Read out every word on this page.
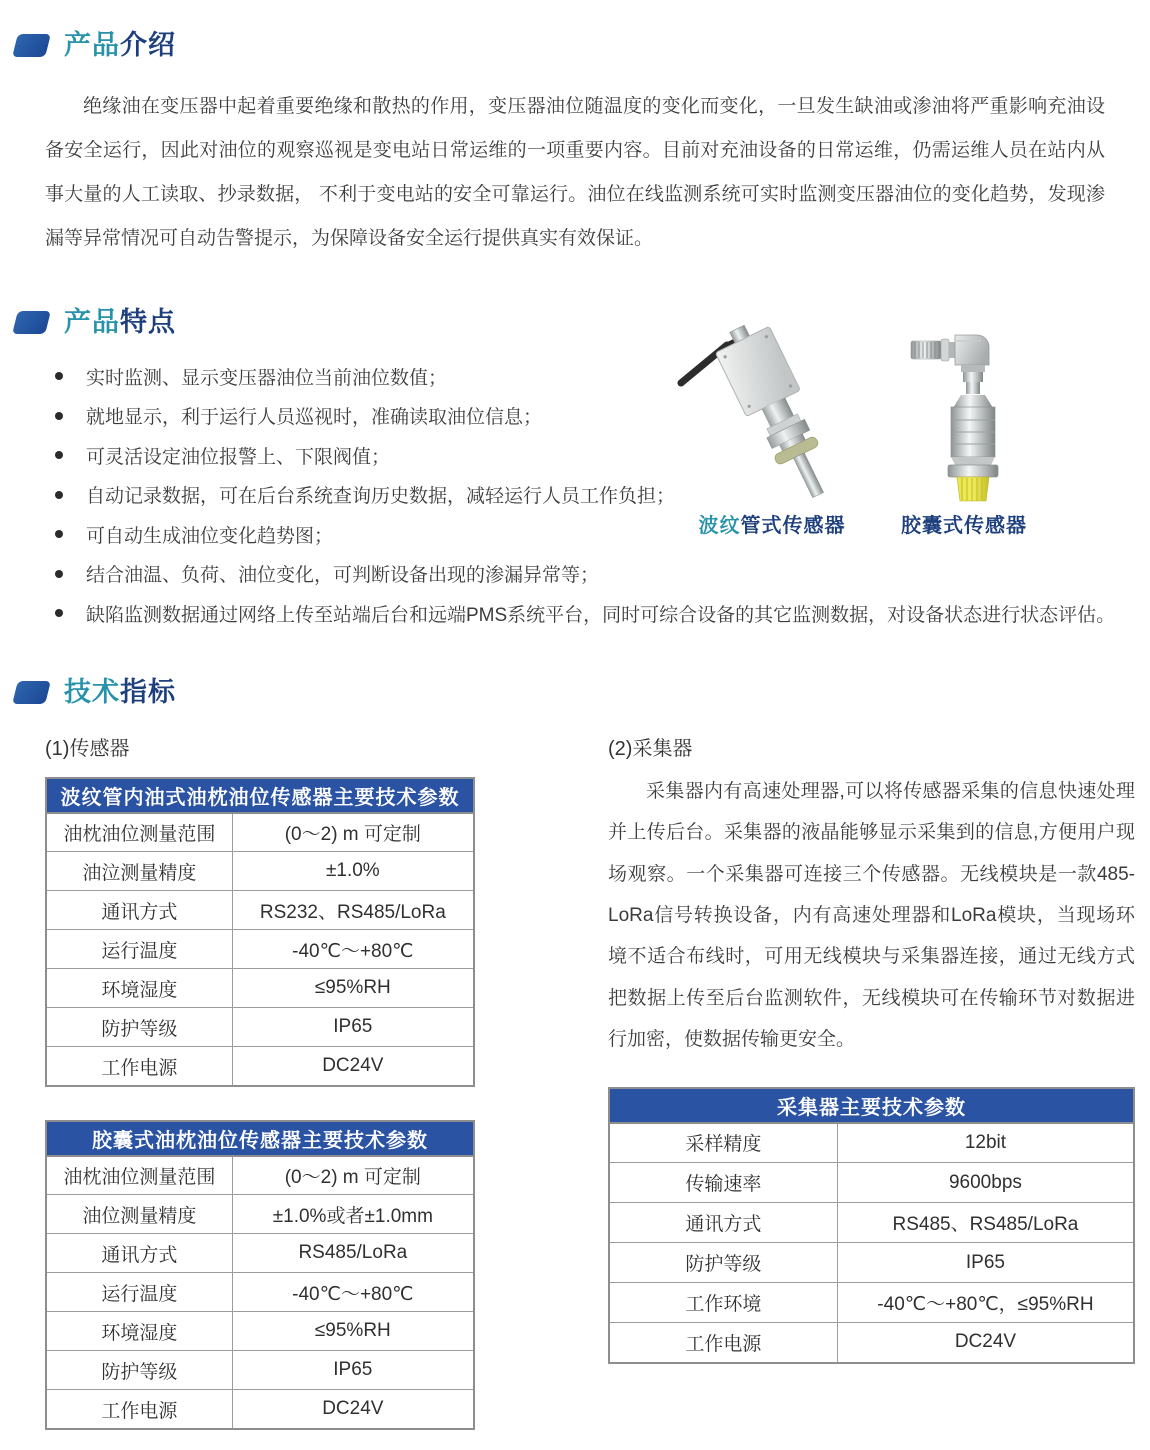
产品介绍

绝缘油在变压器中起着重要绝缘和散热的作用，变压器油位随温度的变化而变化，一旦发生缺油或渗油将严重影响充油设备安全运行，因此对油位的观察巡视是变电站日常运维的一项重要内容。目前对充油设备的日常运维，仍需运维人员在站内从事大量的人工读取、抄录数据， 不利于变电站的安全可靠运行。油位在线监测系统可实时监测变压器油位的变化趋势，发现渗漏等异常情况可自动告警提示，为保障设备安全运行提供真实有效保证。

产品特点
实时监测、显示变压器油位当前油位数值；
就地显示，利于运行人员巡视时，准确读取油位信息；
可灵活设定油位报警上、下限阀值；
自动记录数据，可在后台系统查询历史数据，减轻运行人员工作负担；
可自动生成油位变化趋势图；
结合油温、负荷、油位变化，可判断设备出现的渗漏异常等；
缺陷监测数据通过网络上传至站端后台和远端PMS系统平台，同时可综合设备的其它监测数据，对设备状态进行状态评估。
波纹管式传感器	胶囊式传感器
技术指标
(1)传感器
波纹管内油式油枕油位传感器主要技术参数	
油枕油位测量范围	(0～2) m 可定制
油泣测量精度	±1.0%
通讯方式	RS232、RS485/LoRa
运行温度	-40℃～+80℃
环境湿度	≤95%RH
防护等级	IP65
工作电源	DC24V
胶囊式油枕油位传感器主要技术参数	
油枕油位测量范围	(0～2) m 可定制
油位测量精度	±1.0%或者±1.0mm
通讯方式	RS485/LoRa
运行温度	-40℃～+80℃
环境湿度	≤95%RH
防护等级	IP65
工作电源	DC24V
(2)采集器

采集器内有高速处理器,可以将传感器采集的信息快速处理并上传后台。采集器的液晶能够显示采集到的信息,方便用户现场观察。一个采集器可连接三个传感器。无线模块是一款485-LoRa信号转换设备，内有高速处理器和LoRa模块，当现场环境不适合布线时，可用无线模块与采集器连接，通过无线方式把数据上传至后台监测软件，无线模块可在传输环节对数据进行加密，使数据传输更安全。

采集器主要技术参数	
采样精度	12bit
传输速率	9600bps
通讯方式	RS485、RS485/LoRa
防护等级	IP65
工作环境	-40℃～+80℃，≤95%RH
工作电源	DC24V
